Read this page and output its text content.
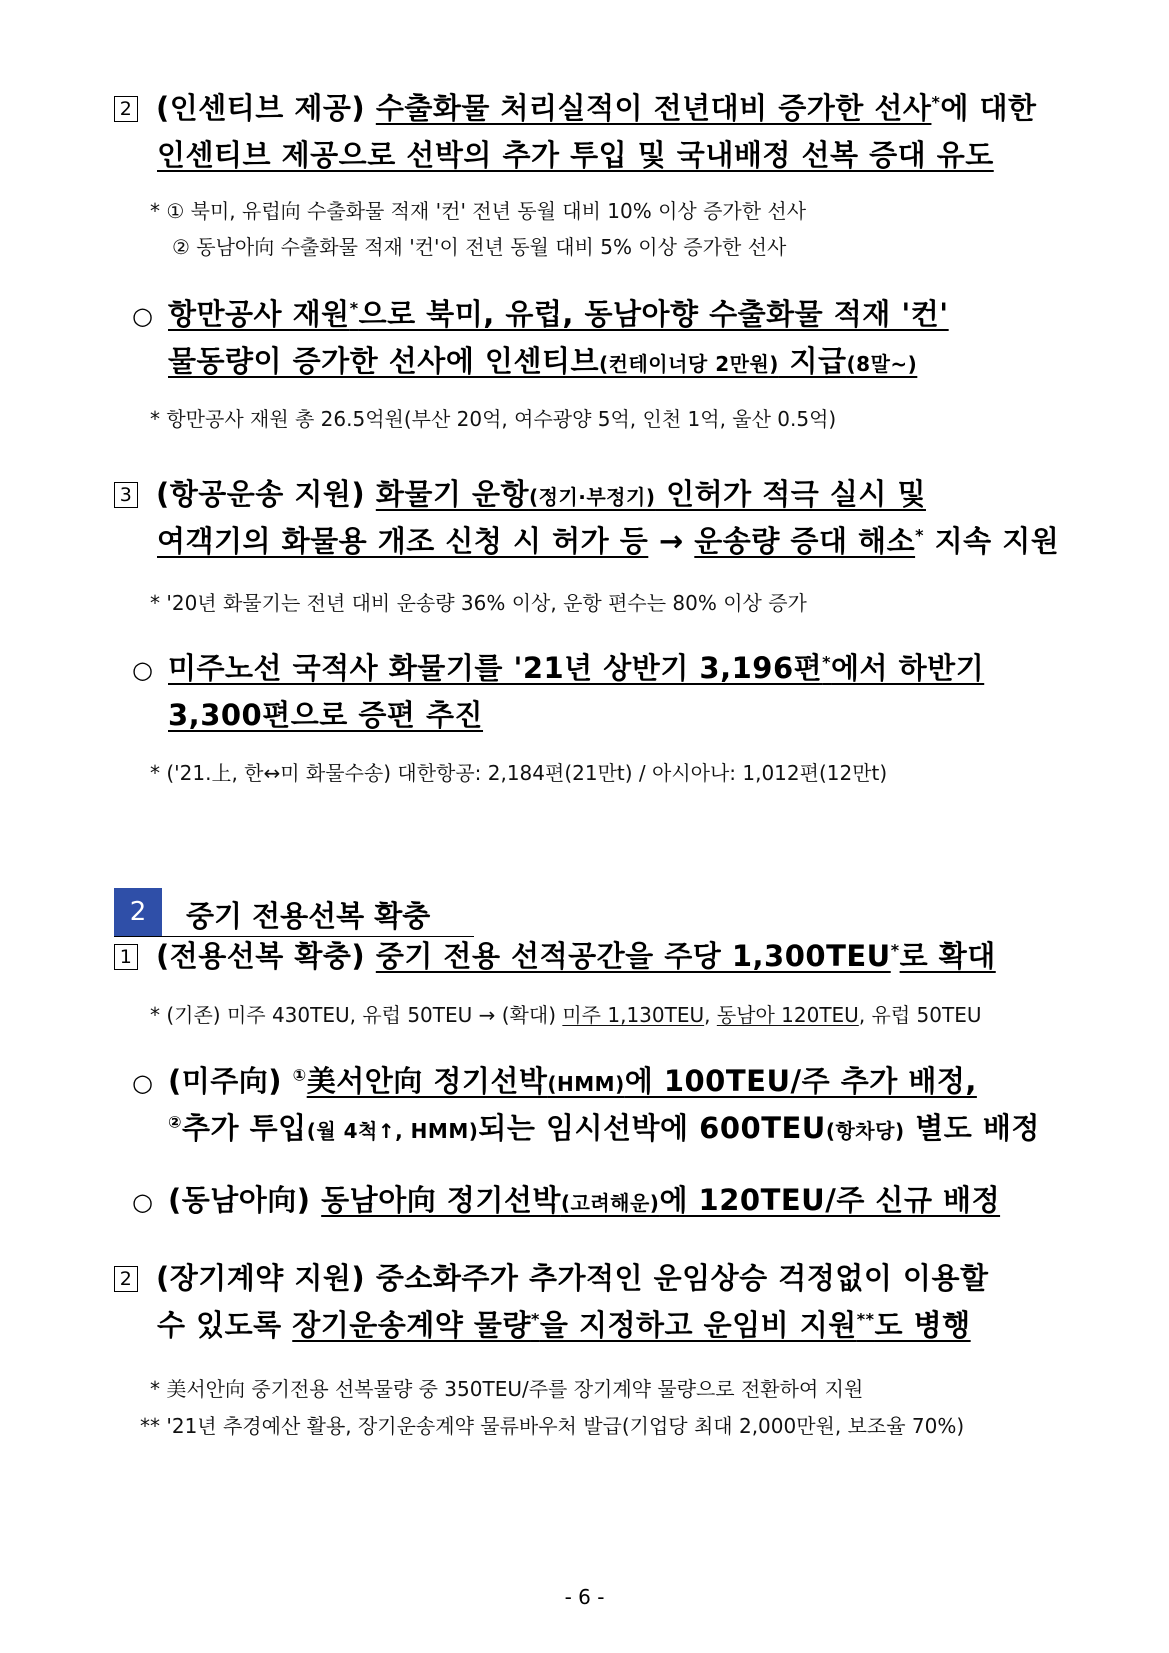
2 (인센티브 제공) 수출화물 처리실적이 전년대비 증가한 선사*에 대한
인센티브 제공으로 선박의 추가 투입 및 국내배정 선복 증대 유도
* ① 북미, 유럽向 수출화물 적재 '컨' 전년 동월 대비 10% 이상 증가한 선사
② 동남아向 수출화물 적재 '컨'이 전년 동월 대비 5% 이상 증가한 선사
○ 항만공사 재원*으로 북미, 유럽, 동남아향 수출화물 적재 '컨'
물동량이 증가한 선사에 인센티브(컨테이너당 2만원) 지급(8말~)
* 항만공사 재원 총 26.5억원(부산 20억, 여수광양 5억, 인천 1억, 울산 0.5억)
3 (항공운송 지원) 화물기 운항(정기·부정기) 인허가 적극 실시 및
여객기의 화물용 개조 신청 시 허가 등 → 운송량 증대 해소* 지속 지원
* '20년 화물기는 전년 대비 운송량 36% 이상, 운항 편수는 80% 이상 증가
○ 미주노선 국적사 화물기를 '21년 상반기 3,196편*에서 하반기
3,300편으로 증편 추진
* ('21.上, 한↔미 화물수송) 대한항공: 2,184편(21만t) / 아시아나: 1,012편(12만t)
2	중기 전용선복 확충
1 (전용선복 확충) 중기 전용 선적공간을 주당 1,300TEU*로 확대
* (기존) 미주 430TEU, 유럽 50TEU → (확대) 미주 1,130TEU, 동남아 120TEU, 유럽 50TEU
○ (미주向) ①美서안向 정기선박(HMM)에 100TEU/주 추가 배정,
②추가 투입(월 4척↑, HMM)되는 임시선박에 600TEU(항차당) 별도 배정
○ (동남아向) 동남아向 정기선박(고려해운)에 120TEU/주 신규 배정
2 (장기계약 지원) 중소화주가 추가적인 운임상승 걱정없이 이용할
수 있도록 장기운송계약 물량*을 지정하고 운임비 지원**도 병행
* 美서안向 중기전용 선복물량 중 350TEU/주를 장기계약 물량으로 전환하여 지원
** '21년 추경예산 활용, 장기운송계약 물류바우처 발급(기업당 최대 2,000만원, 보조율 70%)
- 6 -
